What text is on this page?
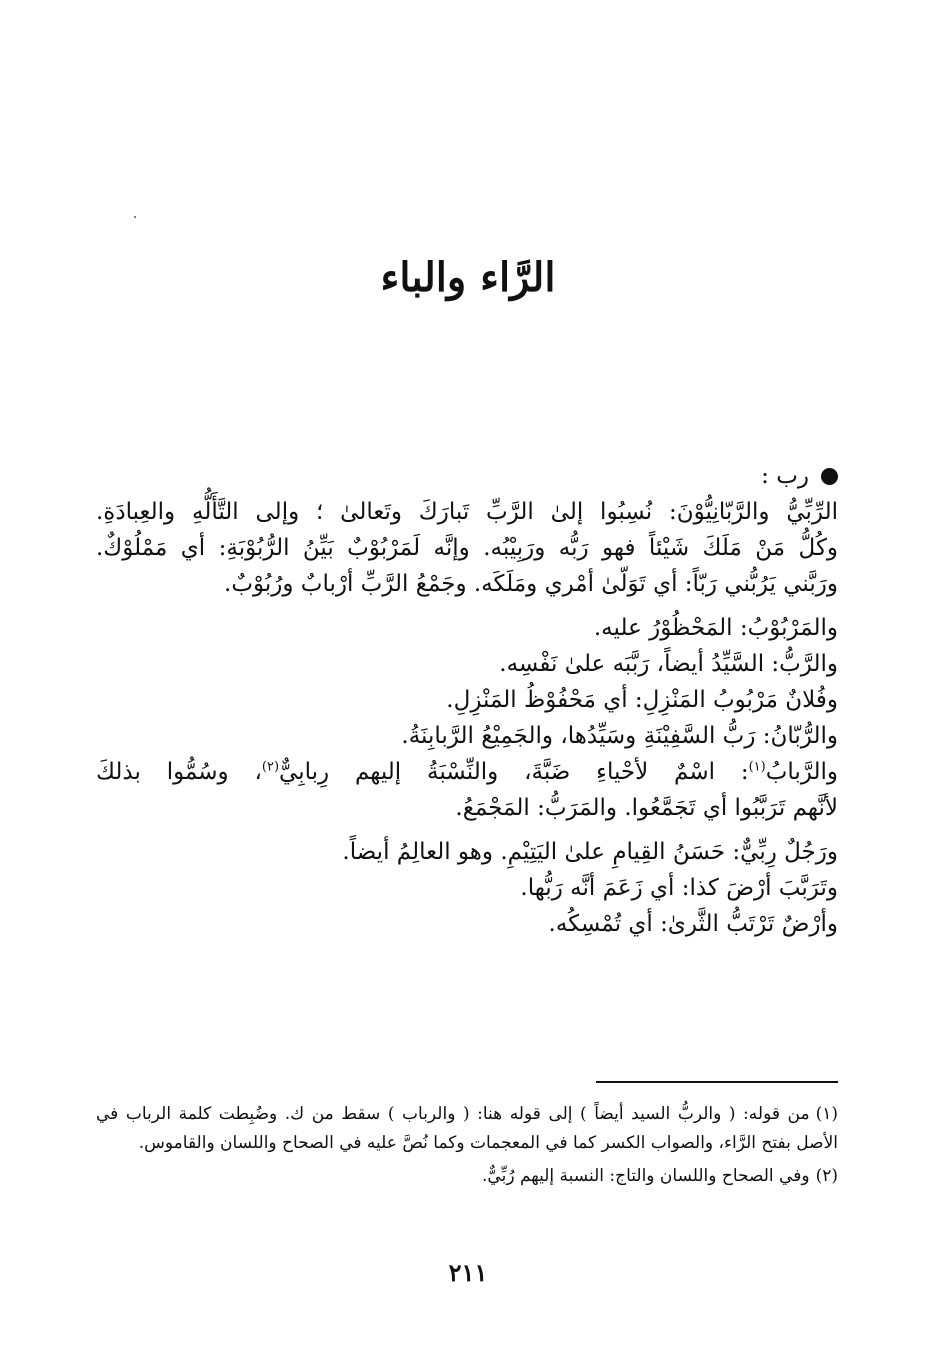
الرَّاء والباء
رب :
الرِّبِّيُّ والرَّبّانِيُّوْنَ: نُسِبُوا إلىٰ الرَّبِّ تَبارَكَ وتَعالىٰ ؛ وإلى التَّأَلُّهِ والعِبادَةِ.
وكُلُّ مَنْ مَلَكَ شَيْئاً فهو رَبُّه ورَبِيْبُه. وإنَّه لَمَرْبُوْبٌ بَيِّنُ الرُّبُوْبَةِ: أي مَمْلُوْكٌ.
ورَبَّني يَرُبُّني رَبّاً: أي تَوَلّىٰ أمْري ومَلَكَه. وجَمْعُ الرَّبِّ أرْبابٌ ورُبُوْبٌ.
والمَرْبُوْبُ: المَحْظُوْرُ عليه.
والرَّبُّ: السَّيِّدُ أيضاً، رَبَّبَه علىٰ نَفْسِه.
وفُلانٌ مَرْبُوبُ المَنْزِلِ: أي مَحْفُوْظُ المَنْزِلِ.
والرُّبّانُ: رَبُّ السَّفِيْنَةِ وسَيِّدُها، والجَمِيْعُ الرَّبابِنَةُ.
والرَّبابُ$^{(١)}$: اسْمٌ لأحْياءِ ضَبَّةَ، والنِّسْبَةُ إليهم رِبابِيٌّ$^{(٢)}$، وسُمُّوا بذلكَ
لأنَّهم تَرَبَّبُوا أي تَجَمَّعُوا. والمَرَبُّ: المَجْمَعُ.
ورَجُلٌ رِبِّيٌّ: حَسَنُ القِيامِ علىٰ اليَتِيْمِ. وهو العالِمُ أيضاً.
وتَرَبَّبَ أرْضَ كذا: أي زَعَمَ أنَّه رَبُّها.
وأرْضٌ تَرْتَبُّ الثَّرىٰ: أي تُمْسِكُه.

(١)من قوله: ( والربُّ السيد أيضاً ) إلى قوله هنا: ( والرباب ) سقط من ك. وضُبِطت كلمة الرباب في الأصل بفتح الرَّاء، والصواب الكسر كما في المعجمات وكما نُصَّ عليه في الصحاح واللسان والقاموس.

(٢)وفي الصحاح واللسان والتاج: النسبة إليهم رُبِّيٌّ.

٢١١
